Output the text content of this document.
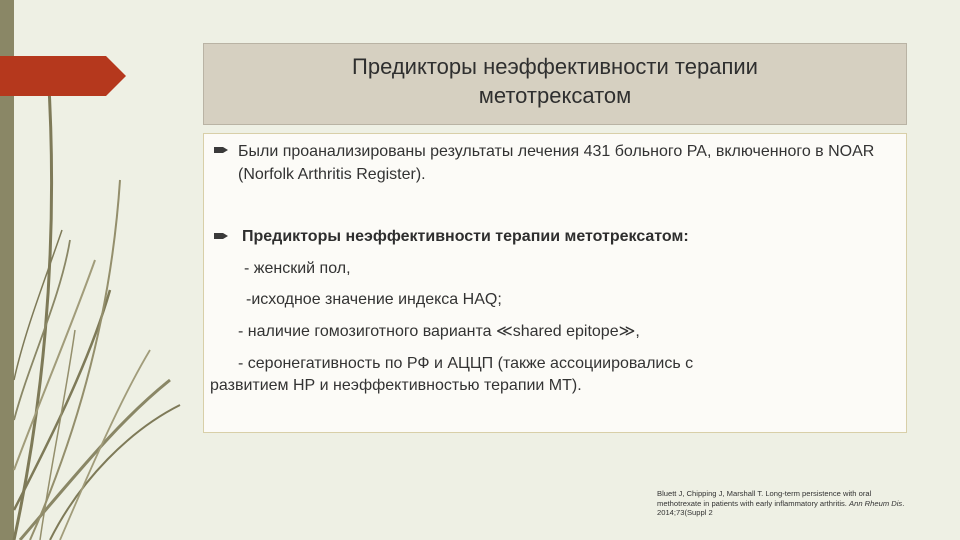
Предикторы неэффективности терапии метотрексатом
Были проанализированы результаты лечения 431 больного РА, включенного в NOAR (Norfolk Arthritis Register).
Предикторы неэффективности терапии метотрексатом:
- женский пол,
-исходное значение индекса HAQ;
- наличие гомозиготного варианта ≪shared epitope≫,
- серонегативность по РФ и АЦЦП (также ассоциировались с
развитием НР и неэффективностью терапии МТ).
Bluett J, Chipping J, Marshall T. Long-term persistence with oral methotrexate in patients with early inflammatory arthritis. Ann Rheum Dis. 2014;73(Suppl 2
